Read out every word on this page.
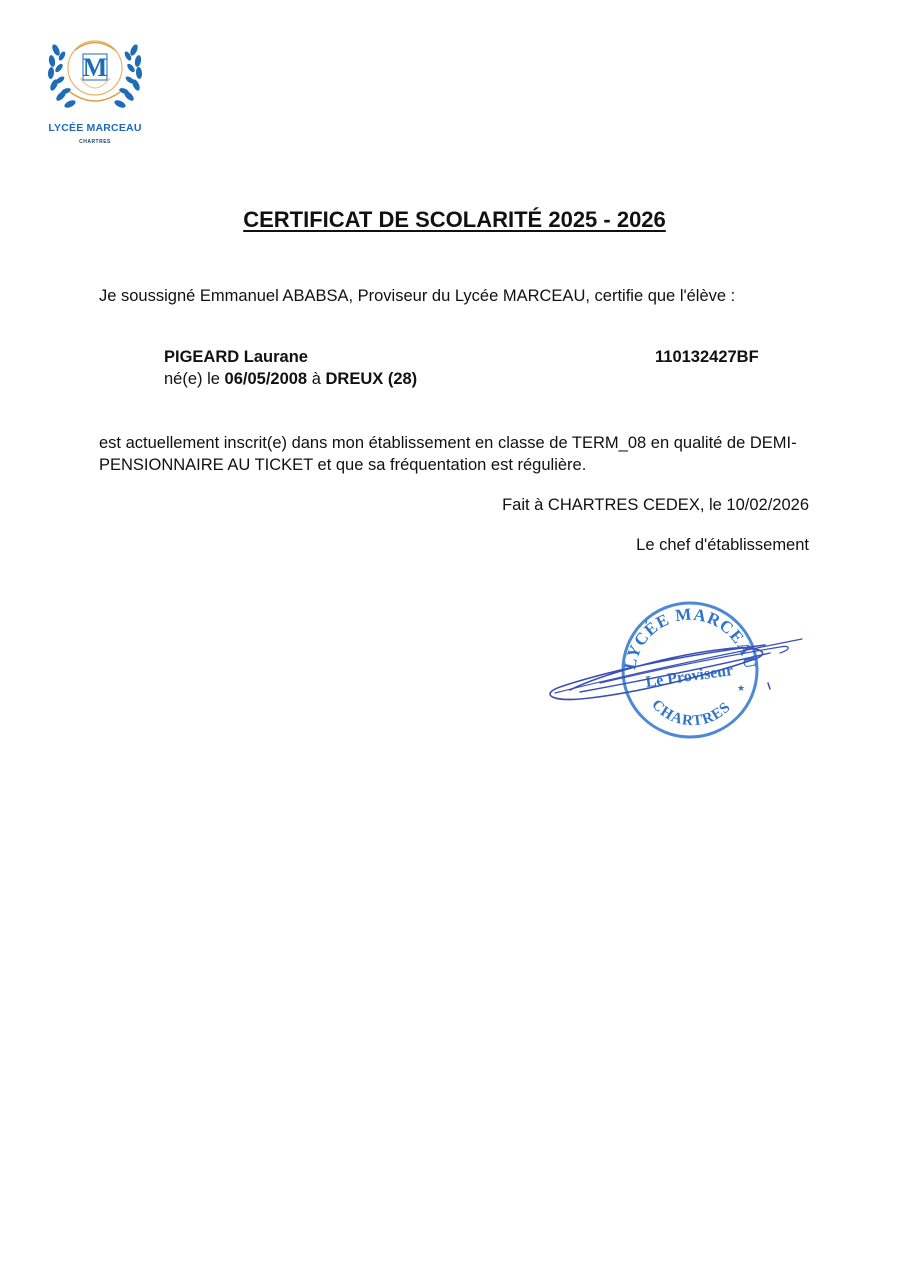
M
LYCÉE MARCEAU
CHARTRES
CERTIFICAT DE SCOLARITÉ 2025 - 2026
Je soussigné Emmanuel ABABSA, Proviseur du Lycée MARCEAU, certifie que l'élève :
PIGEARD Laurane	110132427BF
né(e) le 06/05/2008 à DREUX (28)
est actuellement inscrit(e) dans mon établissement en classe de TERM_08 en qualité de DEMI-PENSIONNAIRE AU TICKET et que sa fréquentation est régulière.
Fait à CHARTRES CEDEX, le 10/02/2026
Le chef d'établissement
LYCÉE MARCEAU
CHARTRES
Le Proviseur ★
